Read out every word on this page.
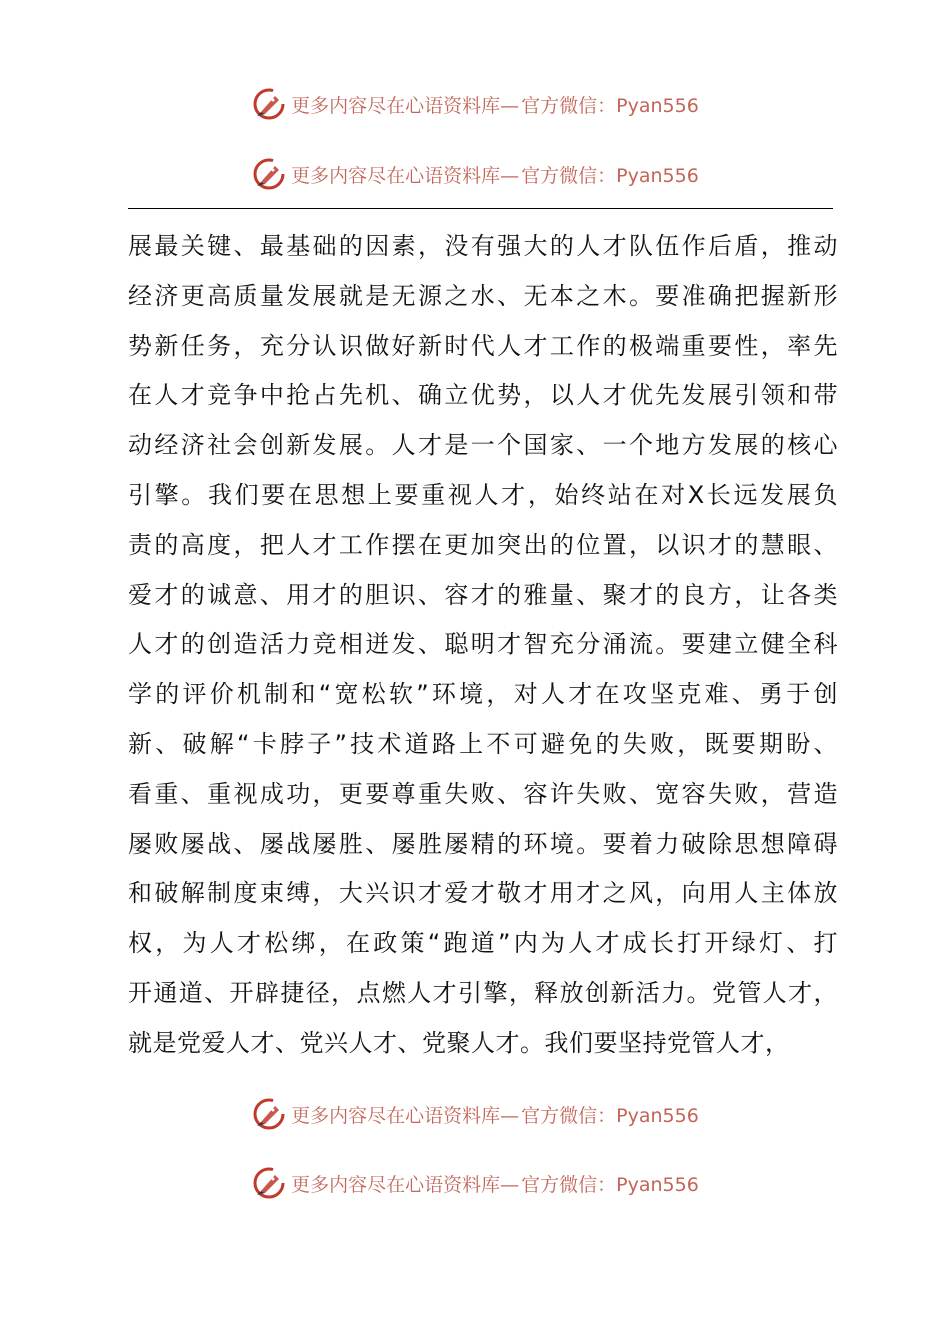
更多内容尽在心语资料库— 官方微信：Pyan556
更多内容尽在心语资料库— 官方微信：Pyan556
展最关键、最基础的因素，没有强大的人才队伍作后盾，推动
经济更高质量发展就是无源之水、无本之木。要准确把握新形
势新任务，充分认识做好新时代人才工作的极端重要性，率先
在人才竞争中抢占先机、确立优势，以人才优先发展引领和带
动经济社会创新发展。人才是一个国家、一个地方发展的核心
引擎。我们要在思想上要重视人才，始终站在对X长远发展负
责的高度，把人才工作摆在更加突出的位置，以识才的慧眼、
爱才的诚意、用才的胆识、容才的雅量、聚才的良方，让各类
人才的创造活力竞相迸发、聪明才智充分涌流。要建立健全科
学的评价机制和“宽松软”环境，对人才在攻坚克难、勇于创
新、破解“卡脖子”技术道路上不可避免的失败，既要期盼、
看重、重视成功，更要尊重失败、容许失败、宽容失败，营造
屡败屡战、屡战屡胜、屡胜屡精的环境。要着力破除思想障碍
和破解制度束缚，大兴识才爱才敬才用才之风，向用人主体放
权，为人才松绑，在政策“跑道”内为人才成长打开绿灯、打
开通道、开辟捷径，点燃人才引擎，释放创新活力。党管人才，
就是党爱人才、党兴人才、党聚人才。我们要坚持党管人才，
更多内容尽在心语资料库— 官方微信：Pyan556
更多内容尽在心语资料库— 官方微信：Pyan556
